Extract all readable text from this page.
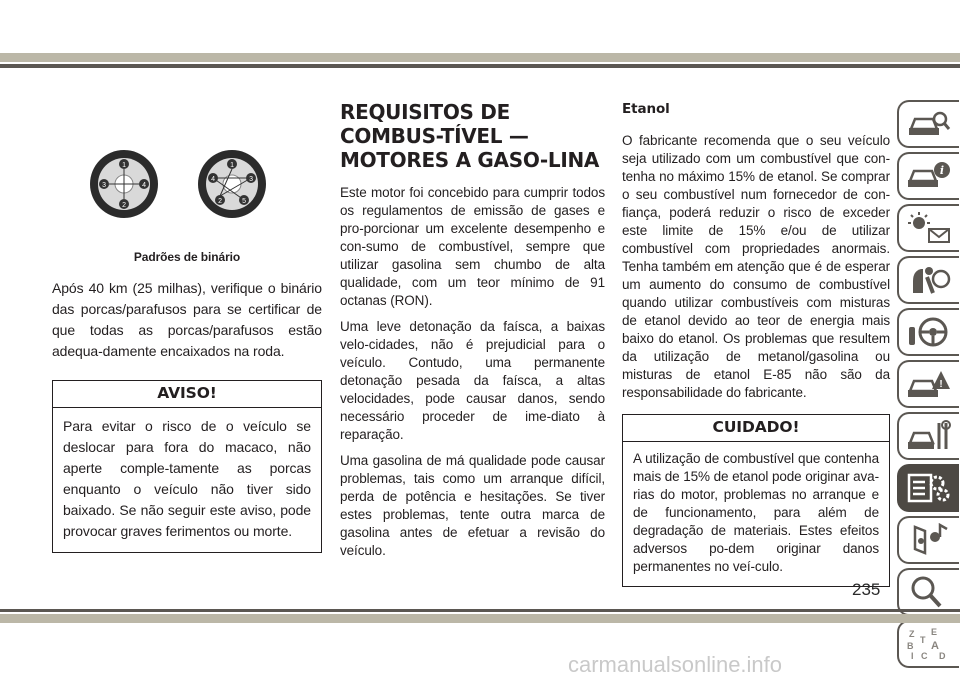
1
2
3	4
1
2
3
4
5
Padrões de binário

Após 40 km (25 milhas), verifique o binário das porcas/parafusos para se certificar de que todas as porcas/parafusos estão adequa-damente encaixados na roda.

AVISO!

Para evitar o risco de o veículo se deslocar para fora do macaco, não aperte comple-tamente as porcas enquanto o veículo não tiver sido baixado. Se não seguir este aviso, pode provocar graves ferimentos ou morte.

REQUISITOS DE COMBUS-TÍVEL — MOTORES A GASO-LINA

Este motor foi concebido para cumprir todos os regulamentos de emissão de gases e pro-porcionar um excelente desempenho e con-sumo de combustível, sempre que utilizar gasolina sem chumbo de alta qualidade, com um teor mínimo de 91 octanas (RON).

Uma leve detonação da faísca, a baixas velo-cidades, não é prejudicial para o veículo. Contudo, uma permanente detonação pesada da faísca, a altas velocidades, pode causar danos, sendo necessário proceder de ime-diato à reparação.

Uma gasolina de má qualidade pode causar problemas, tais como um arranque difícil, perda de potência e hesitações. Se tiver estes problemas, tente outra marca de gasolina antes de efetuar a revisão do veículo.

Etanol

O fabricante recomenda que o seu veículo seja utilizado com um combustível que con-tenha no máximo 15% de etanol. Se comprar o seu combustível num fornecedor de con-fiança, poderá reduzir o risco de exceder este limite de 15% e/ou de utilizar combustível com propriedades anormais. Tenha também em atenção que é de esperar um aumento do consumo de combustível quando utilizar combustíveis com misturas de etanol devido ao teor de energia mais baixo do etanol. Os problemas que resultem da utilização de metanol/gasolina ou misturas de etanol E-85 não são da responsabilidade do fabricante.

CUIDADO!

A utilização de combustível que contenha mais de 15% de etanol pode originar ava-rias do motor, problemas no arranque e de funcionamento, para além de degradação de materiais. Estes efeitos adversos po-dem originar danos permanentes no veí-culo.

i
!
Z E
B A
C D
I
T
235
carmanualsonline.info
